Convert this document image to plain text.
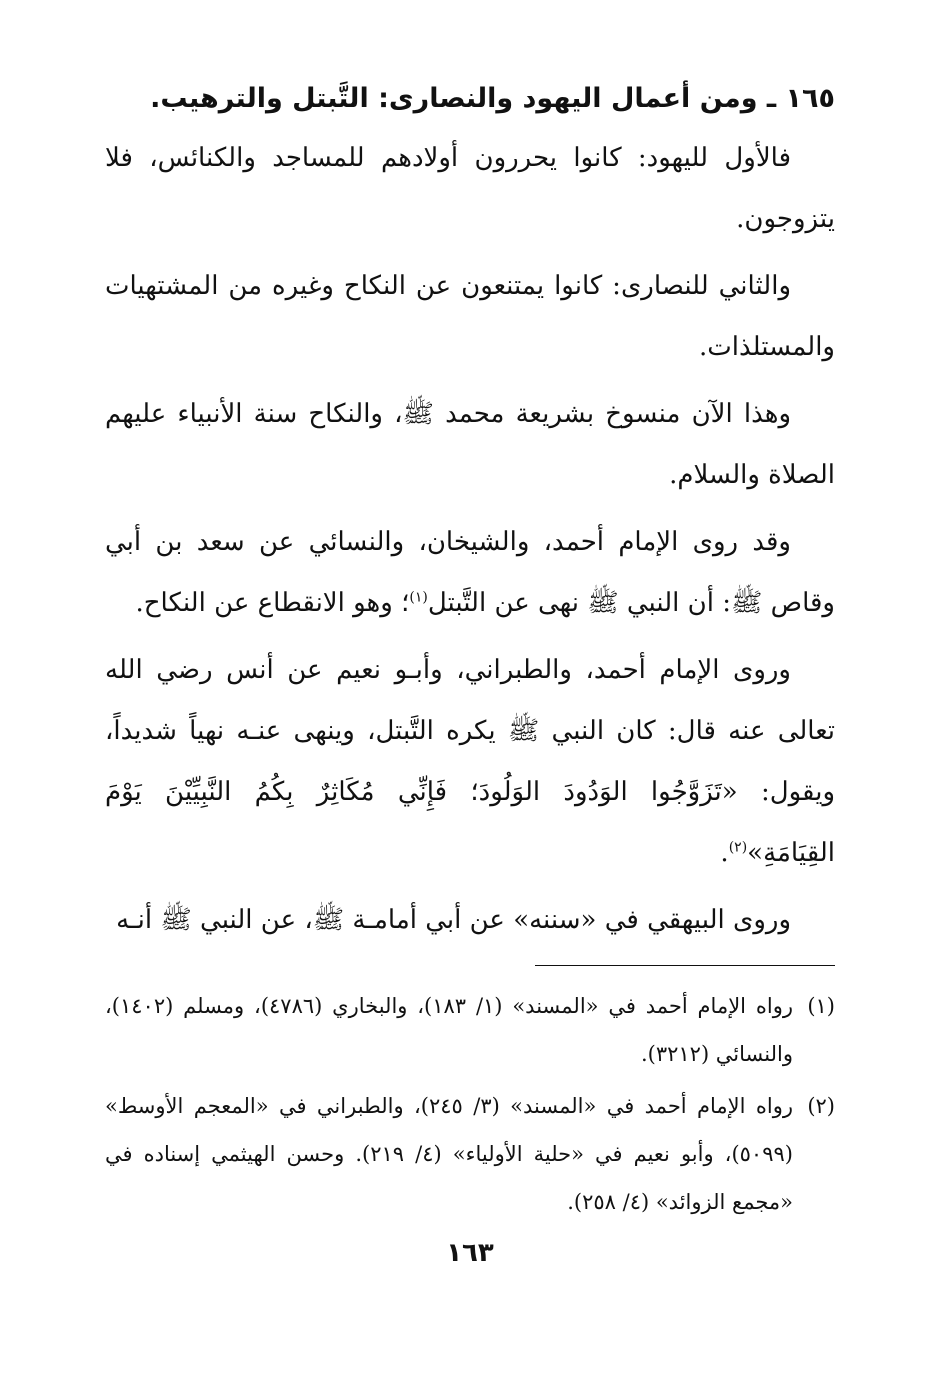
١٦٥ ـ ومن أعمال اليهود والنصارى: التَّبتل والترهيب.

فالأول لليهود: كانوا يحررون أولادهم للمساجد والكنائس، فلا يتزوجون.

والثاني للنصارى: كانوا يمتنعون عن النكاح وغيره من المشتهيات والمستلذات.

وهذا الآن منسوخ بشريعة محمد ﷺ، والنكاح سنة الأنبياء عليهم الصلاة والسلام.

وقد روى الإمام أحمد، والشيخان، والنسائي عن سعد بن أبي وقاص ﷺ: أن النبي ﷺ نهى عن التَّبتل$^{(١)}$؛ وهو الانقطاع عن النكاح.

وروى الإمام أحمد، والطبراني، وأبـو نعيم عن أنس رضي الله تعالى عنه قال: كان النبي ﷺ يكره التَّبتل، وينهى عنـه نهياً شديداً، ويقول: «تَزَوَّجُوا الوَدُودَ الوَلُودَ؛ فَإِنِّي مُكَاثِرٌ بِكُمُ النَّبِيِّيْنَ يَوْمَ القِيَامَةِ»$^{(٢)}$.

وروى البيهقي في «سننه» عن أبي أمامـة ﷺ، عن النبي ﷺ أنـه

(١)
رواه الإمام أحمد في «المسند» (١/ ١٨٣)، والبخاري (٤٧٨٦)، ومسلم (١٤٠٢)، والنسائي (٣٢١٢).
(٢)
رواه الإمام أحمد في «المسند» (٣/ ٢٤٥)، والطبراني في «المعجم الأوسط» (٥٠٩٩)، وأبو نعيم في «حلية الأولياء» (٤/ ٢١٩). وحسن الهيثمي إسناده في «مجمع الزوائد» (٤/ ٢٥٨).
١٦٣
